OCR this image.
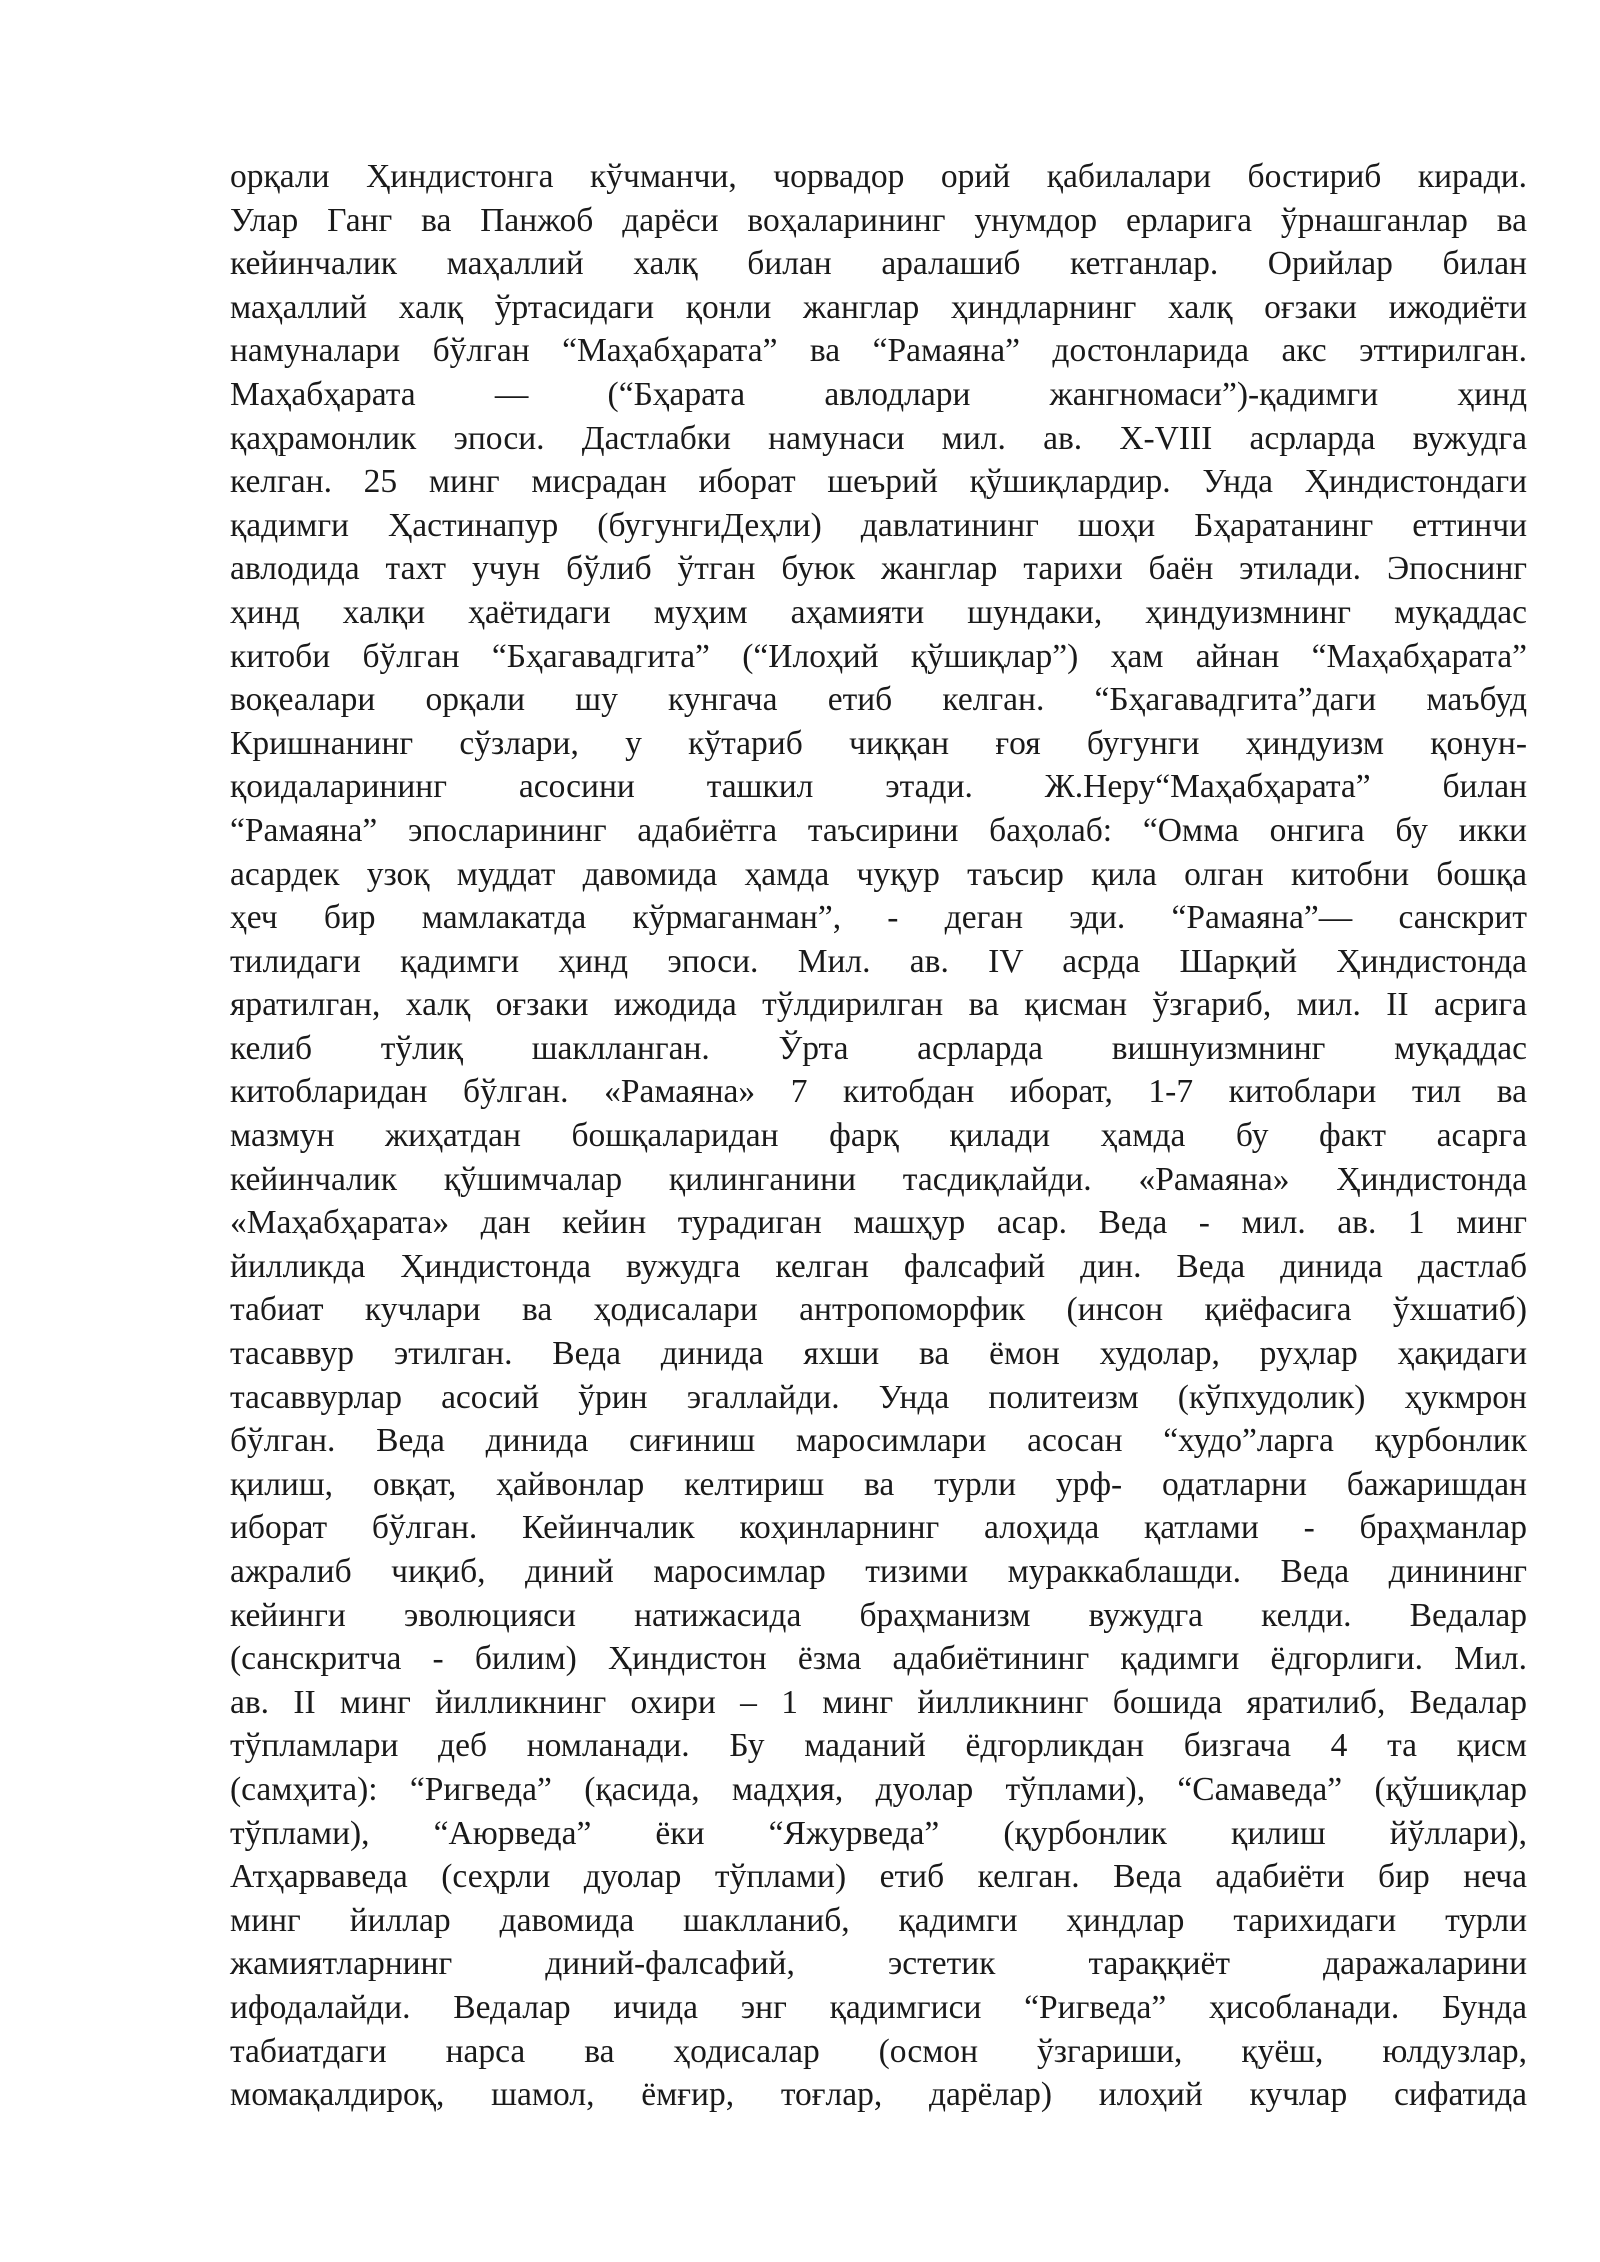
орқали Ҳиндистонга кўчманчи, чорвадор орий қабилалари бостириб киради.
Улар Ганг ва Панжоб дарёси воҳаларининг унумдор ерларига ўрнашганлар ва
кейинчалик маҳаллий халқ билан аралашиб кетганлар. Орийлар билан
маҳаллий халқ ўртасидаги қонли жанглар ҳиндларнинг халқ оғзаки ижодиёти
намуналари бўлган “Маҳабҳарата” ва “Рамаяна” достонларида акс эттирилган.
Маҳабҳарата — (“Бҳарата авлодлари жангномаси”)-қадимги ҳинд
қаҳрамонлик эпоси. Дастлабки намунаси мил. ав. X-VIII асрларда вужудга
келган. 25 минг мисрадан иборат шеърий қўшиқлардир. Унда Ҳиндистондаги
қадимги Ҳастинапур (бугунгиДеҳли) давлатининг шоҳи Бҳаратанинг еттинчи
авлодида тахт учун бўлиб ўтган буюк жанглар тарихи баён этилади. Эпоснинг
ҳинд халқи ҳаётидаги муҳим аҳамияти шундаки, ҳиндуизмнинг муқаддас
китоби бўлган “Бҳагавадгита” (“Илоҳий қўшиқлар”) ҳам айнан “Маҳабҳарата”
воқеалари орқали шу кунгача етиб келган. “Бҳагавадгита”даги маъбуд
Кришнанинг сўзлари, у кўтариб чиққан ғоя бугунги ҳиндуизм қонун-
қоидаларининг асосини ташкил этади. Ж.Неру“Маҳабҳарата” билан
“Рамаяна” эпосларининг адабиётга таъсирини баҳолаб: “Омма онгига бу икки
асардек узоқ муддат давомида ҳамда чуқур таъсир қила олган китобни бошқа
ҳеч бир мамлакатда кўрмаганман”, - деган эди. “Рамаяна”— санскрит
тилидаги қадимги ҳинд эпоси. Мил. ав. IV асрда Шарқий Ҳиндистонда
яратилган, халқ оғзаки ижодида тўлдирилган ва қисман ўзгариб, мил. II асрига
келиб тўлиқ шаклланган. Ўрта асрларда вишнуизмнинг муқаддас
китобларидан бўлган. «Рамаяна» 7 китобдан иборат, 1-7 китоблари тил ва
мазмун жиҳатдан бошқаларидан фарқ қилади ҳамда бу факт асарга
кейинчалик қўшимчалар қилинганини тасдиқлайди. «Рамаяна» Ҳиндистонда
«Маҳабҳарата» дан кейин турадиган машҳур асар. Веда - мил. ав. 1 минг
йилликда Ҳиндистонда вужудга келган фалсафий дин. Веда динида дастлаб
табиат кучлари ва ҳодисалари антропоморфик (инсон қиёфасига ўхшатиб)
тасаввур этилган. Веда динида яхши ва ёмон худолар, руҳлар ҳақидаги
тасаввурлар асосий ўрин эгаллайди. Унда политеизм (кўпхудолик) ҳукмрон
бўлган. Веда динида сиғиниш маросимлари асосан “худо”ларга қурбонлик
қилиш, овқат, ҳайвонлар келтириш ва турли урф- одатларни бажаришдан
иборат бўлган. Кейинчалик коҳинларнинг алоҳида қатлами - браҳманлар
ажралиб чиқиб, диний маросимлар тизими мураккаблашди. Веда динининг
кейинги эволюцияси натижасида браҳманизм вужудга келди. Ведалар
(санскритча - билим) Ҳиндистон ёзма адабиётининг қадимги ёдгорлиги. Мил.
ав. II минг йилликнинг охири – 1 минг йилликнинг бошида яратилиб, Ведалар
тўпламлари деб номланади. Бу маданий ёдгорликдан бизгача 4 та қисм
(самҳита): “Ригведа” (қасида, мадҳия, дуолар тўплами), “Самаведа” (қўшиқлар
тўплами), “Аюрведа” ёки “Яжурведа” (қурбонлик қилиш йўллари),
Атҳарваведа (сеҳрли дуолар тўплами) етиб келган. Веда адабиёти бир неча
минг йиллар давомида шаклланиб, қадимги ҳиндлар тарихидаги турли
жамиятларнинг диний-фалсафий, эстетик тараққиёт даражаларини
ифодалайди. Ведалар ичида энг қадимгиси “Ригведа” ҳисобланади. Бунда
табиатдаги нарса ва ҳодисалар (осмон ўзгариши, қуёш, юлдузлар,
момақалдироқ, шамол, ёмғир, тоғлар, дарёлар) илоҳий кучлар сифатида
